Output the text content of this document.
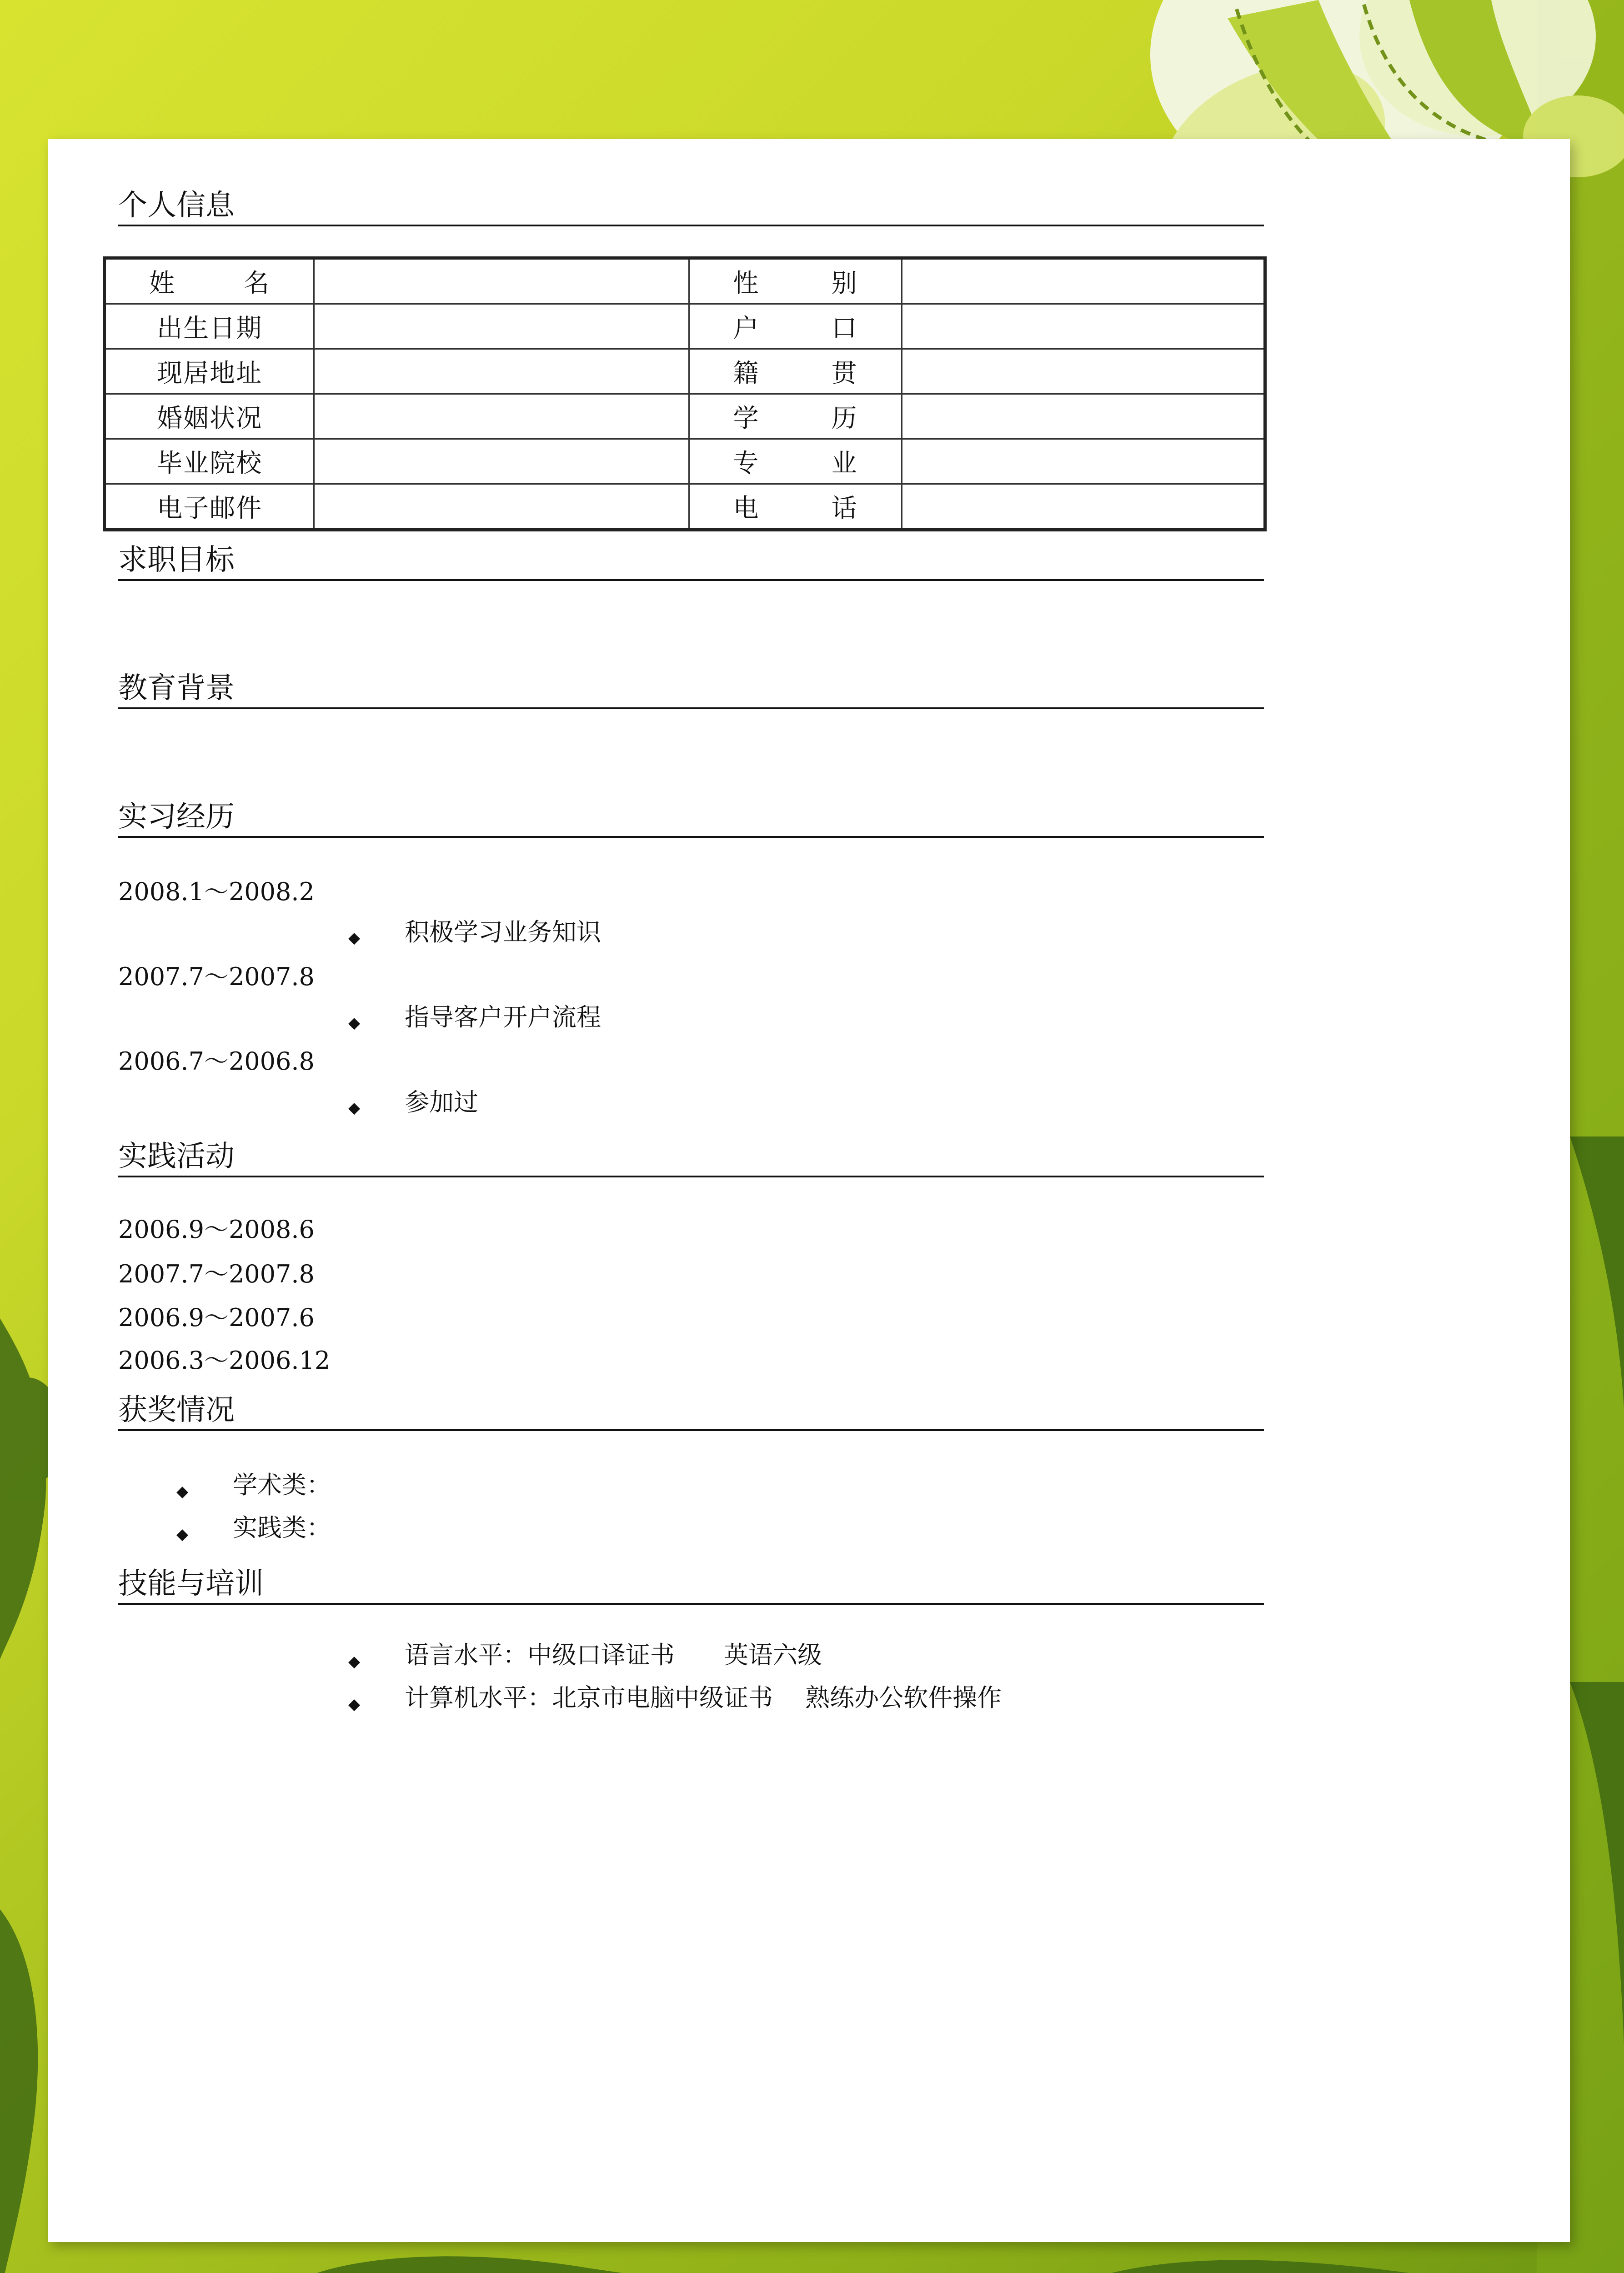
个人信息
姓 名		性 别	
出生日期		户 口	
现居地址		籍 贯	
婚姻状况		学 历	
毕业院校		专 业	
电子邮件		电 话	
求职目标
教育背景
实习经历
2008.1～2008.2
◆ 积极学习业务知识
2007.7～2007.8
◆ 指导客户开户流程
2006.7～2006.8
◆ 参加过
实践活动
2006.9～2008.6
2007.7～2007.8
2006.9～2007.6
2006.3～2006.12
获奖情况
◆ 学术类：
◆ 实践类：
技能与培训
◆ 语言水平：中级口译证书　　英语六级
◆ 计算机水平：北京市电脑中级证书　 熟练办公软件操作
